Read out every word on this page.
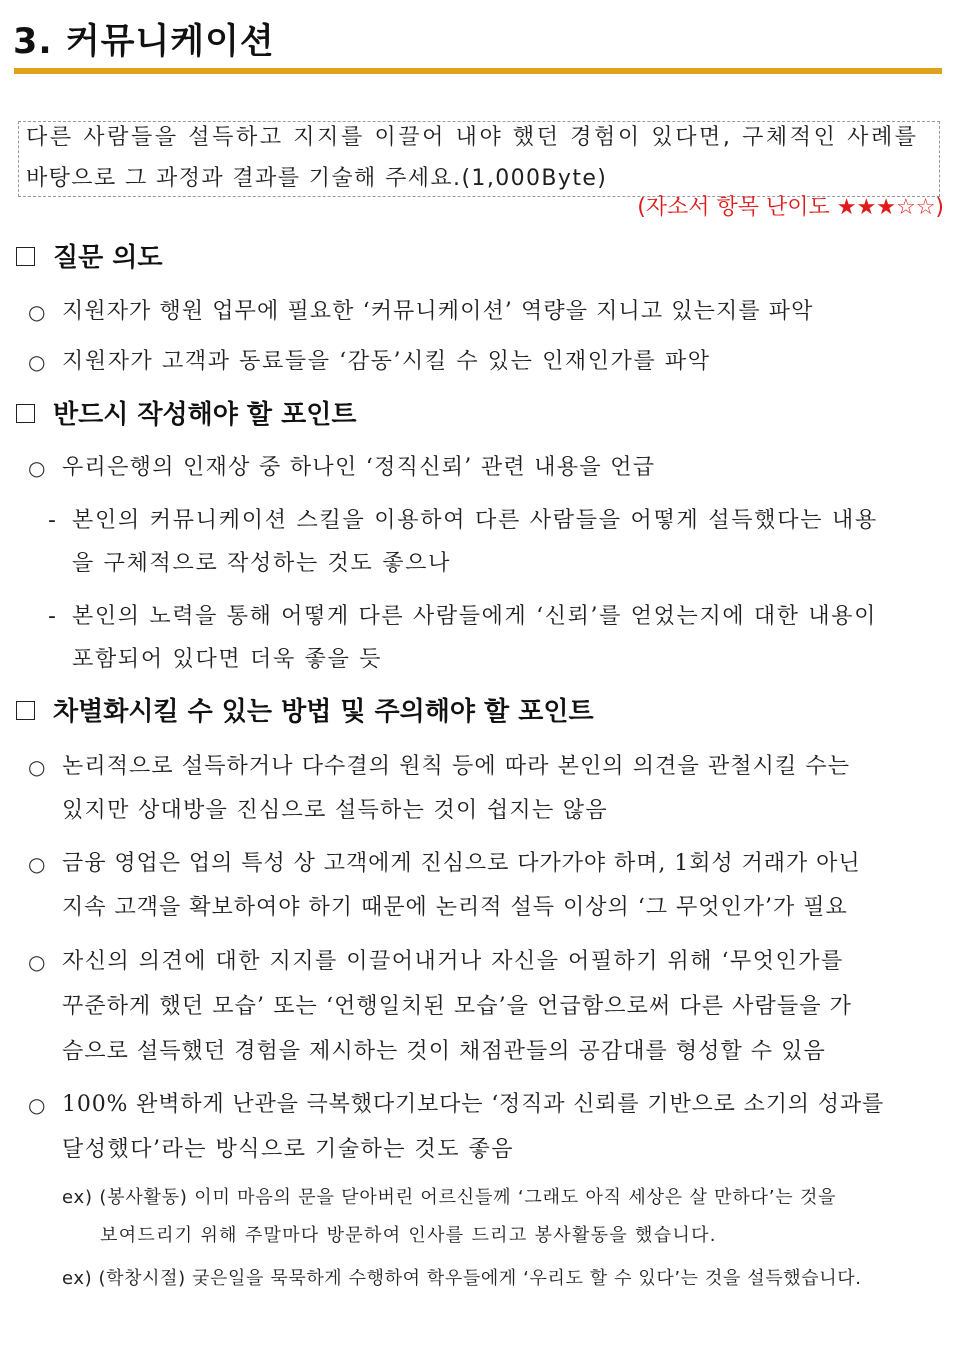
3. 커뮤니케이션
다른 사람들을 설득하고 지지를 이끌어 내야 했던 경험이 있다면, 구체적인 사례를
바탕으로 그 과정과 결과를 기술해 주세요.(1,000Byte)
(자소서 항목 난이도 ★★★☆☆)
질문 의도
○ 지원자가 행원 업무에 필요한 ‘커뮤니케이션’ 역량을 지니고 있는지를 파악
○ 지원자가 고객과 동료들을 ‘감동’시킬 수 있는 인재인가를 파악
반드시 작성해야 할 포인트
○ 우리은행의 인재상 중 하나인 ‘정직신뢰’ 관련 내용을 언급
- 본인의 커뮤니케이션 스킬을 이용하여 다른 사람들을 어떻게 설득했다는 내용
을 구체적으로 작성하는 것도 좋으나
- 본인의 노력을 통해 어떻게 다른 사람들에게 ‘신뢰’를 얻었는지에 대한 내용이
포함되어 있다면 더욱 좋을 듯
차별화시킬 수 있는 방법 및 주의해야 할 포인트
○ 논리적으로 설득하거나 다수결의 원칙 등에 따라 본인의 의견을 관철시킬 수는
있지만 상대방을 진심으로 설득하는 것이 쉽지는 않음
○ 금융 영업은 업의 특성 상 고객에게 진심으로 다가가야 하며, 1회성 거래가 아닌
지속 고객을 확보하여야 하기 때문에 논리적 설득 이상의 ‘그 무엇인가’가 필요
○ 자신의 의견에 대한 지지를 이끌어내거나 자신을 어필하기 위해 ‘무엇인가를
꾸준하게 했던 모습’ 또는 ‘언행일치된 모습’을 언급함으로써 다른 사람들을 가
슴으로 설득했던 경험을 제시하는 것이 채점관들의 공감대를 형성할 수 있음
○ 100% 완벽하게 난관을 극복했다기보다는 ‘정직과 신뢰를 기반으로 소기의 성과를
달성했다’라는 방식으로 기술하는 것도 좋음
ex) (봉사활동) 이미 마음의 문을 닫아버린 어르신들께 ‘그래도 아직 세상은 살 만하다’는 것을
보여드리기 위해 주말마다 방문하여 인사를 드리고 봉사활동을 했습니다.
ex) (학창시절) 궂은일을 묵묵하게 수행하여 학우들에게 ‘우리도 할 수 있다’는 것을 설득했습니다.
